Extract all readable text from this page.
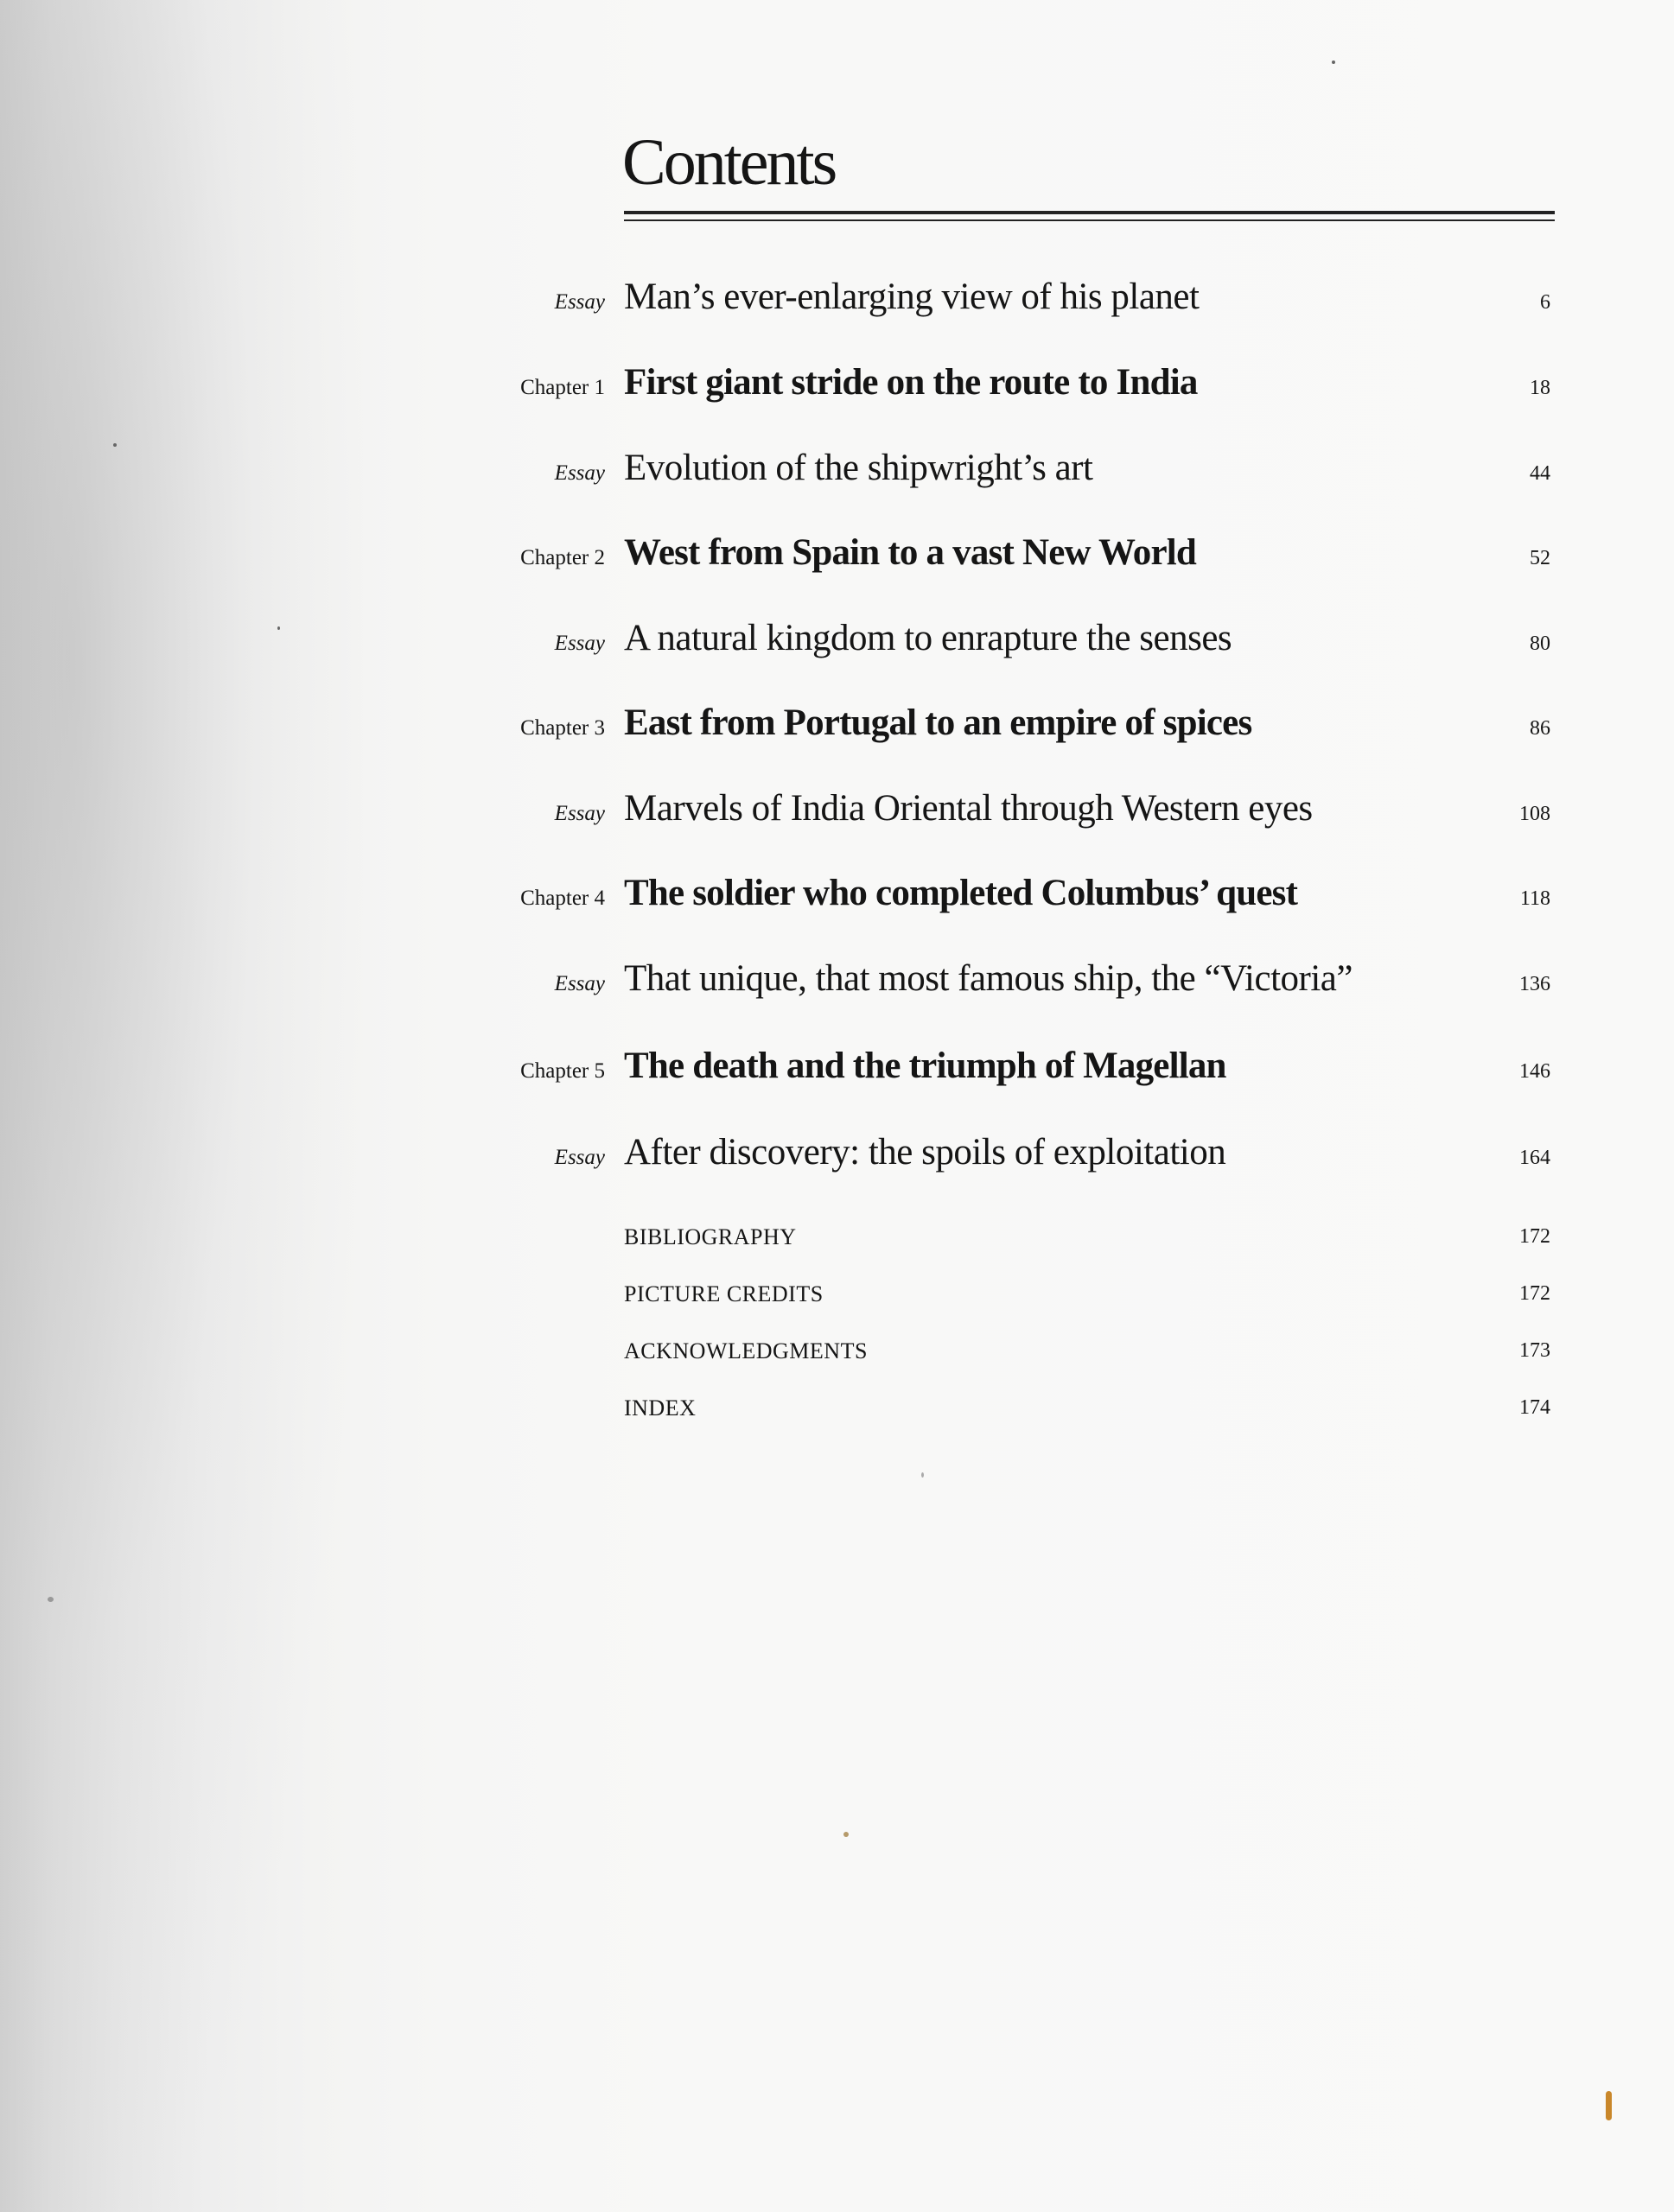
Contents
Essay Man’s ever-enlarging view of his planet	6
Chapter 1 First giant stride on the route to India	18
Essay Evolution of the shipwright’s art	44
Chapter 2 West from Spain to a vast New World	52
Essay A natural kingdom to enrapture the senses	80
Chapter 3 East from Portugal to an empire of spices	86
Essay Marvels of India Oriental through Western eyes	108
Chapter 4 The soldier who completed Columbus’ quest	118
Essay That unique, that most famous ship, the “Victoria”	136
Chapter 5 The death and the triumph of Magellan	146
Essay After discovery: the spoils of exploitation	164
BIBLIOGRAPHY	172
PICTURE CREDITS	172
ACKNOWLEDGMENTS	173
INDEX	174
